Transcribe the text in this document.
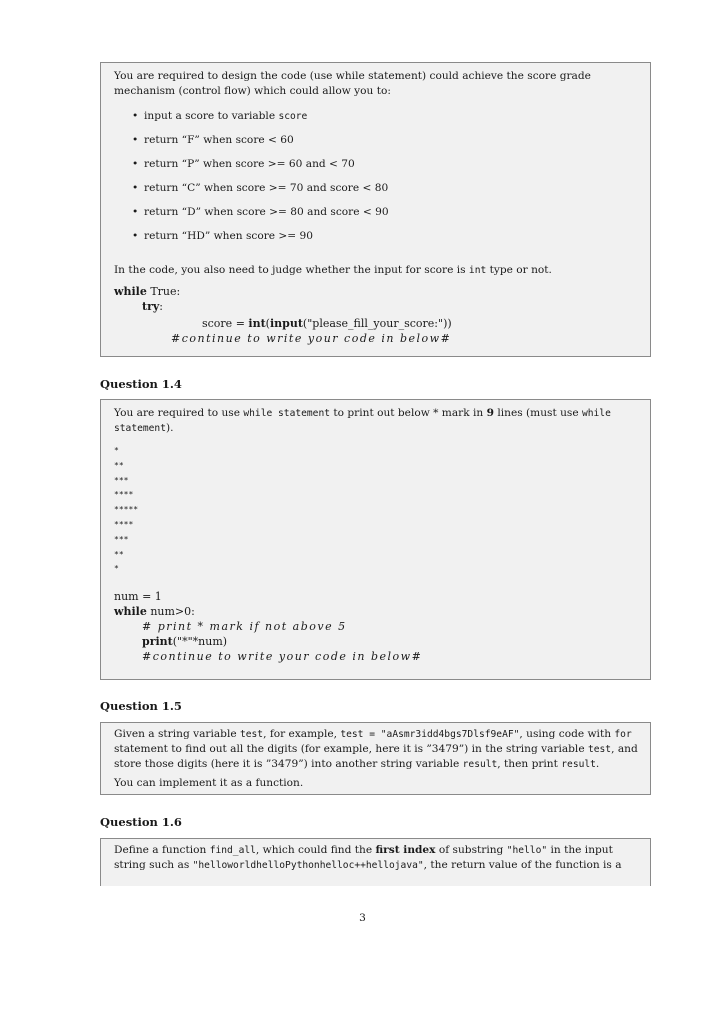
You are required to design the code (use while statement) could achieve the score grade mechanism (control flow) which could allow you to:

• input a score to variable score
• return “F” when score < 60
• return “P” when score >= 60 and < 70
• return “C” when score >= 70 and score < 80
• return “D” when score >= 80 and score < 90
• return “HD” when score >= 90

In the code, you also need to judge whether the input for score is int type or not.

while True:
try:
score = int(input("please_fill_your_score:"))
#continue to write your code in below#
Question 1.4

You are required to use while statement to print out below * mark in 9 lines (must use while statement).

*
**
***
****
*****
****
***
**
*
num = 1
while num>0:
# print * mark if not above 5
print("*"*num)
#continue to write your code in below#
Question 1.5

Given a string variable test, for example, test = "aAsmr3idd4bgs7Dlsf9eAF", using code with for statement to find out all the digits (for example, here it is ”3479”) in the string variable test, and store those digits (here it is ”3479”) into another string variable result, then print result.

You can implement it as a function.

Question 1.6

Define a function find_all, which could find the first index of substring "hello" in the input string such as "helloworldhelloPythonhelloc++hellojava", the return value of the function is a

3
